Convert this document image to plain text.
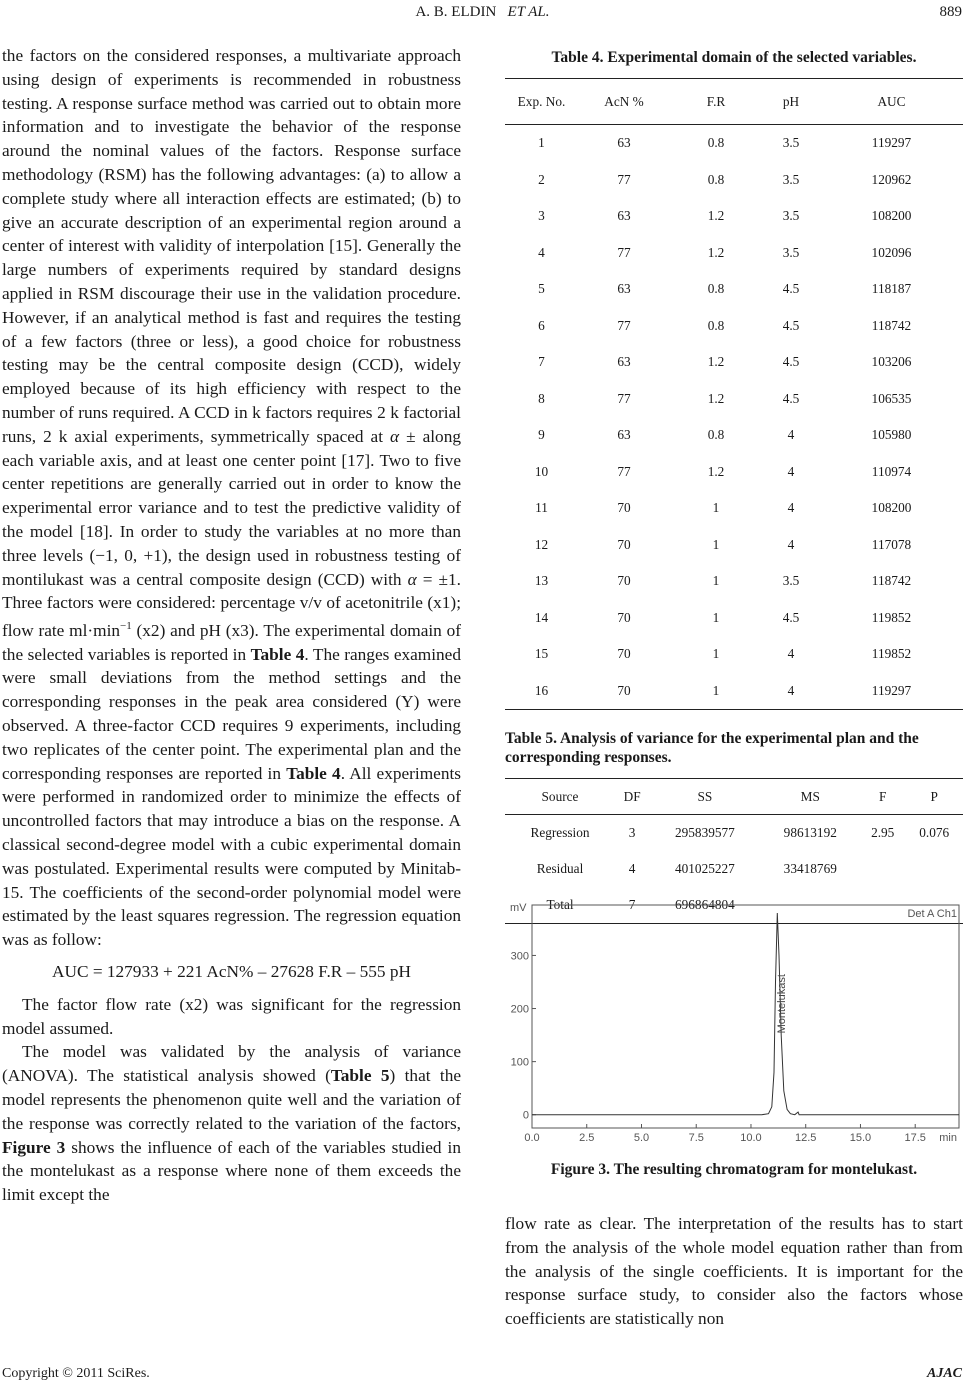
A. B. ELDIN ET AL.	889

the factors on the considered responses, a multivariate approach using design of experiments is recommended in robustness testing. A response surface method was carried out to obtain more information and to investigate the behavior of the response around the nominal values of the factors. Response surface methodology (RSM) has the following advantages: (a) to allow a complete study where all interaction effects are estimated; (b) to give an accurate description of an experimental region around a center of interest with validity of interpolation [15]. Generally the large numbers of experiments required by standard designs applied in RSM discourage their use in the validation procedure. However, if an analytical method is fast and requires the testing of a few factors (three or less), a good choice for robustness testing may be the central composite design (CCD), widely employed because of its high efficiency with respect to the number of runs required. A CCD in k factors requires 2 k factorial runs, 2 k axial experiments, symmetrically spaced at α ± along each variable axis, and at least one center point [17]. Two to five center repetitions are generally carried out in order to know the experimental error variance and to test the predictive validity of the model [18]. In order to study the variables at no more than three levels (−1, 0, +1), the design used in robustness testing of montilukast was a central composite design (CCD) with α = ±1. Three factors were considered: percentage v/v of acetonitrile (x1); flow rate $ml\cdot\min^{-1}$ (x2) and pH (x3). The experimental domain of the selected variables is reported in Table 4. The ranges examined were small deviations from the method settings and the corresponding responses in the peak area considered (Y) were observed. A three-factor CCD requires 9 experiments, including two replicates of the center point. The experimental plan and the corresponding responses are reported in Table 4. All experiments were performed in randomized order to minimize the effects of uncontrolled factors that may introduce a bias on the response. A classical second-degree model with a cubic experimental domain was postulated. Experimental results were computed by Minitab-15. The coefficients of the second-order polynomial model were estimated by the least squares regression. The regression equation was as follow:

AUC = 127933 + 221 AcN% – 27628 F.R – 555 pH

The factor flow rate (x2) was significant for the regression model assumed.

The model was validated by the analysis of variance (ANOVA). The statistical analysis showed (Table 5) that the model represents the phenomenon quite well and the variation of the response was correctly related to the variation of the factors, Figure 3 shows the influence of each of the variables studied in the montelukast as a response where none of them exceeds the limit except the

Table 4. Experimental domain of the selected variables.
Exp. No.	AcN %	F.R	pH	AUC
1	63	0.8	3.5	119297
2	77	0.8	3.5	120962
3	63	1.2	3.5	108200
4	77	1.2	3.5	102096
5	63	0.8	4.5	118187
6	77	0.8	4.5	118742
7	63	1.2	4.5	103206
8	77	1.2	4.5	106535
9	63	0.8	4	105980
10	77	1.2	4	110974
11	70	1	4	108200
12	70	1	4	117078
13	70	1	3.5	118742
14	70	1	4.5	119852
15	70	1	4	119852
16	70	1	4	119297
Table 5. Analysis of variance for the experimental plan and the corresponding responses.
Source	DF	SS	MS	F	P
Regression	3	295839577	98613192	2.95	0.076
Residual	4	401025227	33418769		
Total	7	696864804			
mV
min
Det A Ch1
0.0	2.5	5.0	7.5	10.0	12.5	15.0	17.5
0
100
200
300
Montelukast
Figure 3. The resulting chromatogram for montelukast.

flow rate as clear. The interpretation of the results has to start from the analysis of the whole model equation rather than from the analysis of the single coefficients. It is important for the response surface study, to consider also the factors whose coefficients are statistically non

Copyright © 2011 SciRes.	AJAC
